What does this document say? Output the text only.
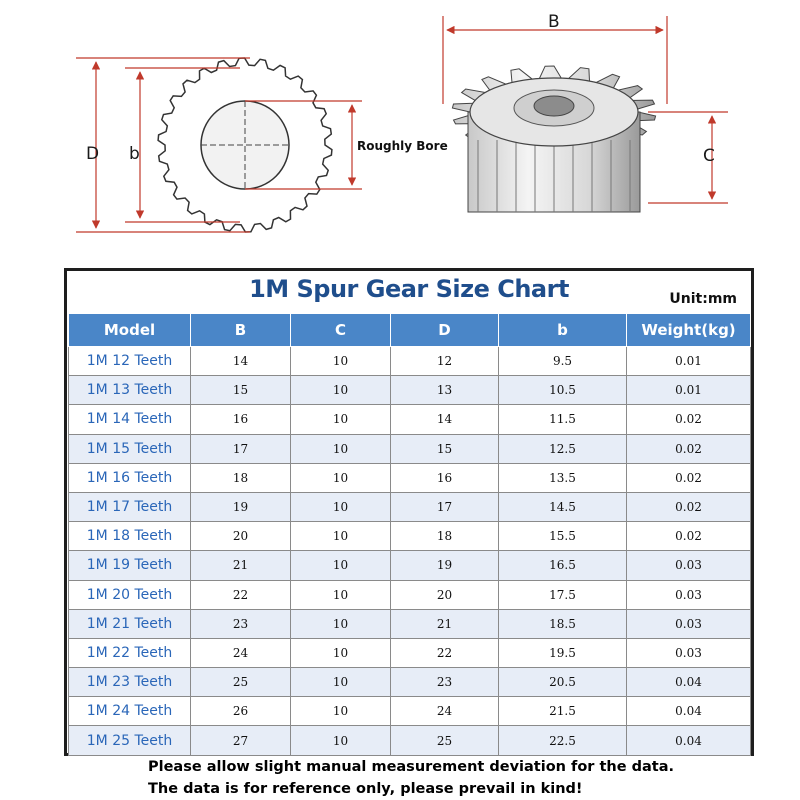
D b
B
C
Roughly Bore
1M Spur Gear Size Chart	Unit:mm
Model	B	C	D	b	Weight(kg)
1M 12 Teeth	14	10	12	9.5	0.01
1M 13 Teeth	15	10	13	10.5	0.01
1M 14 Teeth	16	10	14	11.5	0.02
1M 15 Teeth	17	10	15	12.5	0.02
1M 16 Teeth	18	10	16	13.5	0.02
1M 17 Teeth	19	10	17	14.5	0.02
1M 18 Teeth	20	10	18	15.5	0.02
1M 19 Teeth	21	10	19	16.5	0.03
1M 20 Teeth	22	10	20	17.5	0.03
1M 21 Teeth	23	10	21	18.5	0.03
1M 22 Teeth	24	10	22	19.5	0.03
1M 23 Teeth	25	10	23	20.5	0.04
1M 24 Teeth	26	10	24	21.5	0.04
1M 25 Teeth	27	10	25	22.5	0.04
Please allow slight manual measurement deviation for the data.
The data is for reference only, please prevail in kind!
